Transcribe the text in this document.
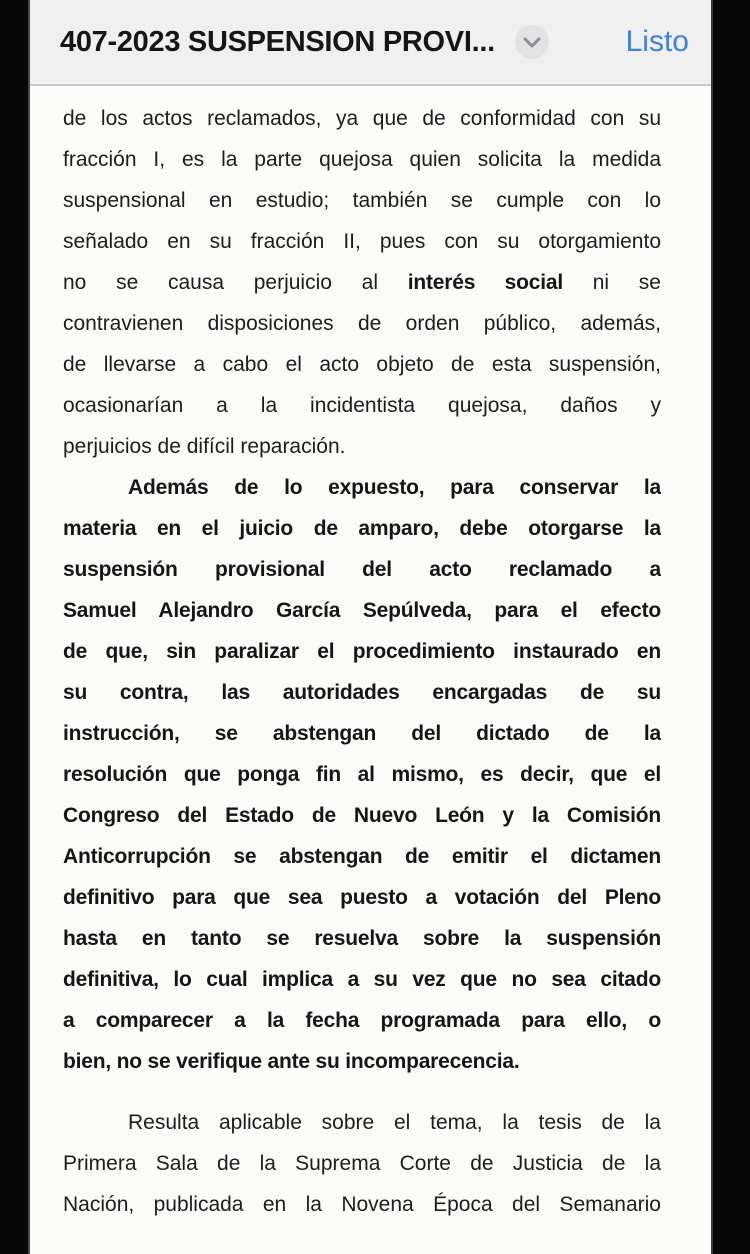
407-2023 SUSPENSION PROVI...	Listo
de los actos reclamados, ya que de conformidad con su
fracción I, es la parte quejosa quien solicita la medida
suspensional en estudio; también se cumple con lo
señalado en su fracción II, pues con su otorgamiento
no se causa perjuicio al interés social ni se
contravienen disposiciones de orden público, además,
de llevarse a cabo el acto objeto de esta suspensión,
ocasionarían a la incidentista quejosa, daños y
perjuicios de difícil reparación.
Además de lo expuesto, para conservar la
materia en el juicio de amparo, debe otorgarse la
suspensión provisional del acto reclamado a
Samuel Alejandro García Sepúlveda, para el efecto
de que, sin paralizar el procedimiento instaurado en
su contra, las autoridades encargadas de su
instrucción, se abstengan del dictado de la
resolución que ponga fin al mismo, es decir, que el
Congreso del Estado de Nuevo León y la Comisión
Anticorrupción se abstengan de emitir el dictamen
definitivo para que sea puesto a votación del Pleno
hasta en tanto se resuelva sobre la suspensión
definitiva, lo cual implica a su vez que no sea citado
a comparecer a la fecha programada para ello, o
bien, no se verifique ante su incomparecencia.
Resulta aplicable sobre el tema, la tesis de la
Primera Sala de la Suprema Corte de Justicia de la
Nación, publicada en la Novena Época del Semanario
